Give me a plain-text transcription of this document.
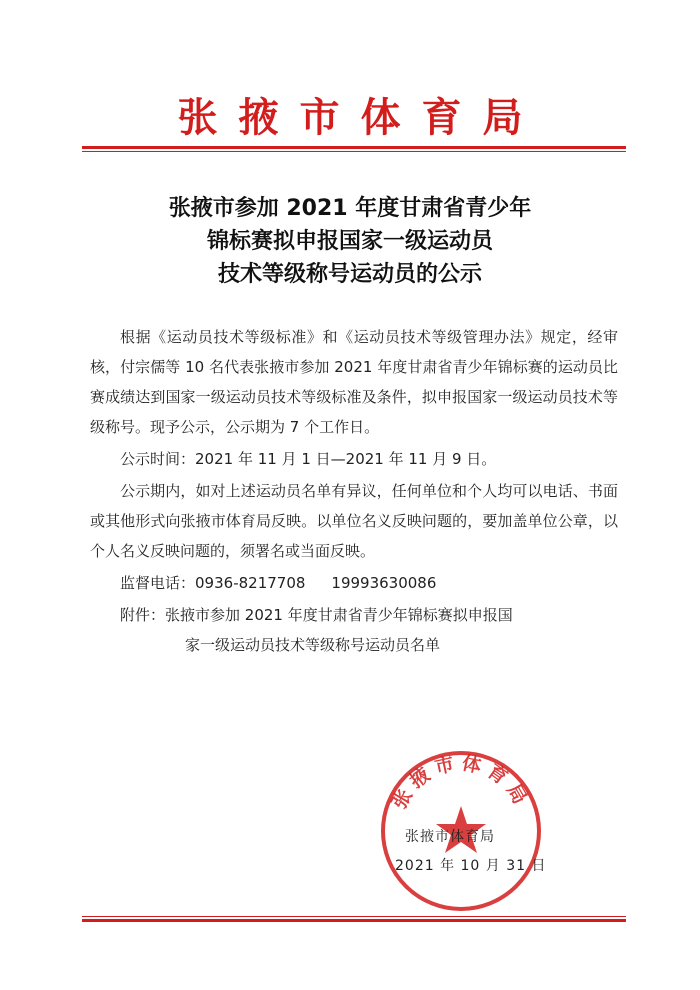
张掖市体育局
张掖市参加 2021 年度甘肃省青少年
锦标赛拟申报国家一级运动员
技术等级称号运动员的公示

根据《运动员技术等级标准》和《运动员技术等级管理办法》规定，经审核，付宗儒等 10 名代表张掖市参加 2021 年度甘肃省青少年锦标赛的运动员比赛成绩达到国家一级运动员技术等级标准及条件，拟申报国家一级运动员技术等级称号。现予公示，公示期为 7 个工作日。

公示时间：2021 年 11 月 1 日—2021 年 11 月 9 日。

公示期内，如对上述运动员名单有异议，任何单位和个人均可以电话、书面或其他形式向张掖市体育局反映。以单位名义反映问题的，要加盖单位公章，以个人名义反映问题的，须署名或当面反映。

监督电话：0936-8217708 19993630086

附件：张掖市参加 2021 年度甘肃省青少年锦标赛拟申报国
家一级运动员技术等级称号运动员名单

张掖市体育局
张掖市体育局
2021 年 10 月 31 日
